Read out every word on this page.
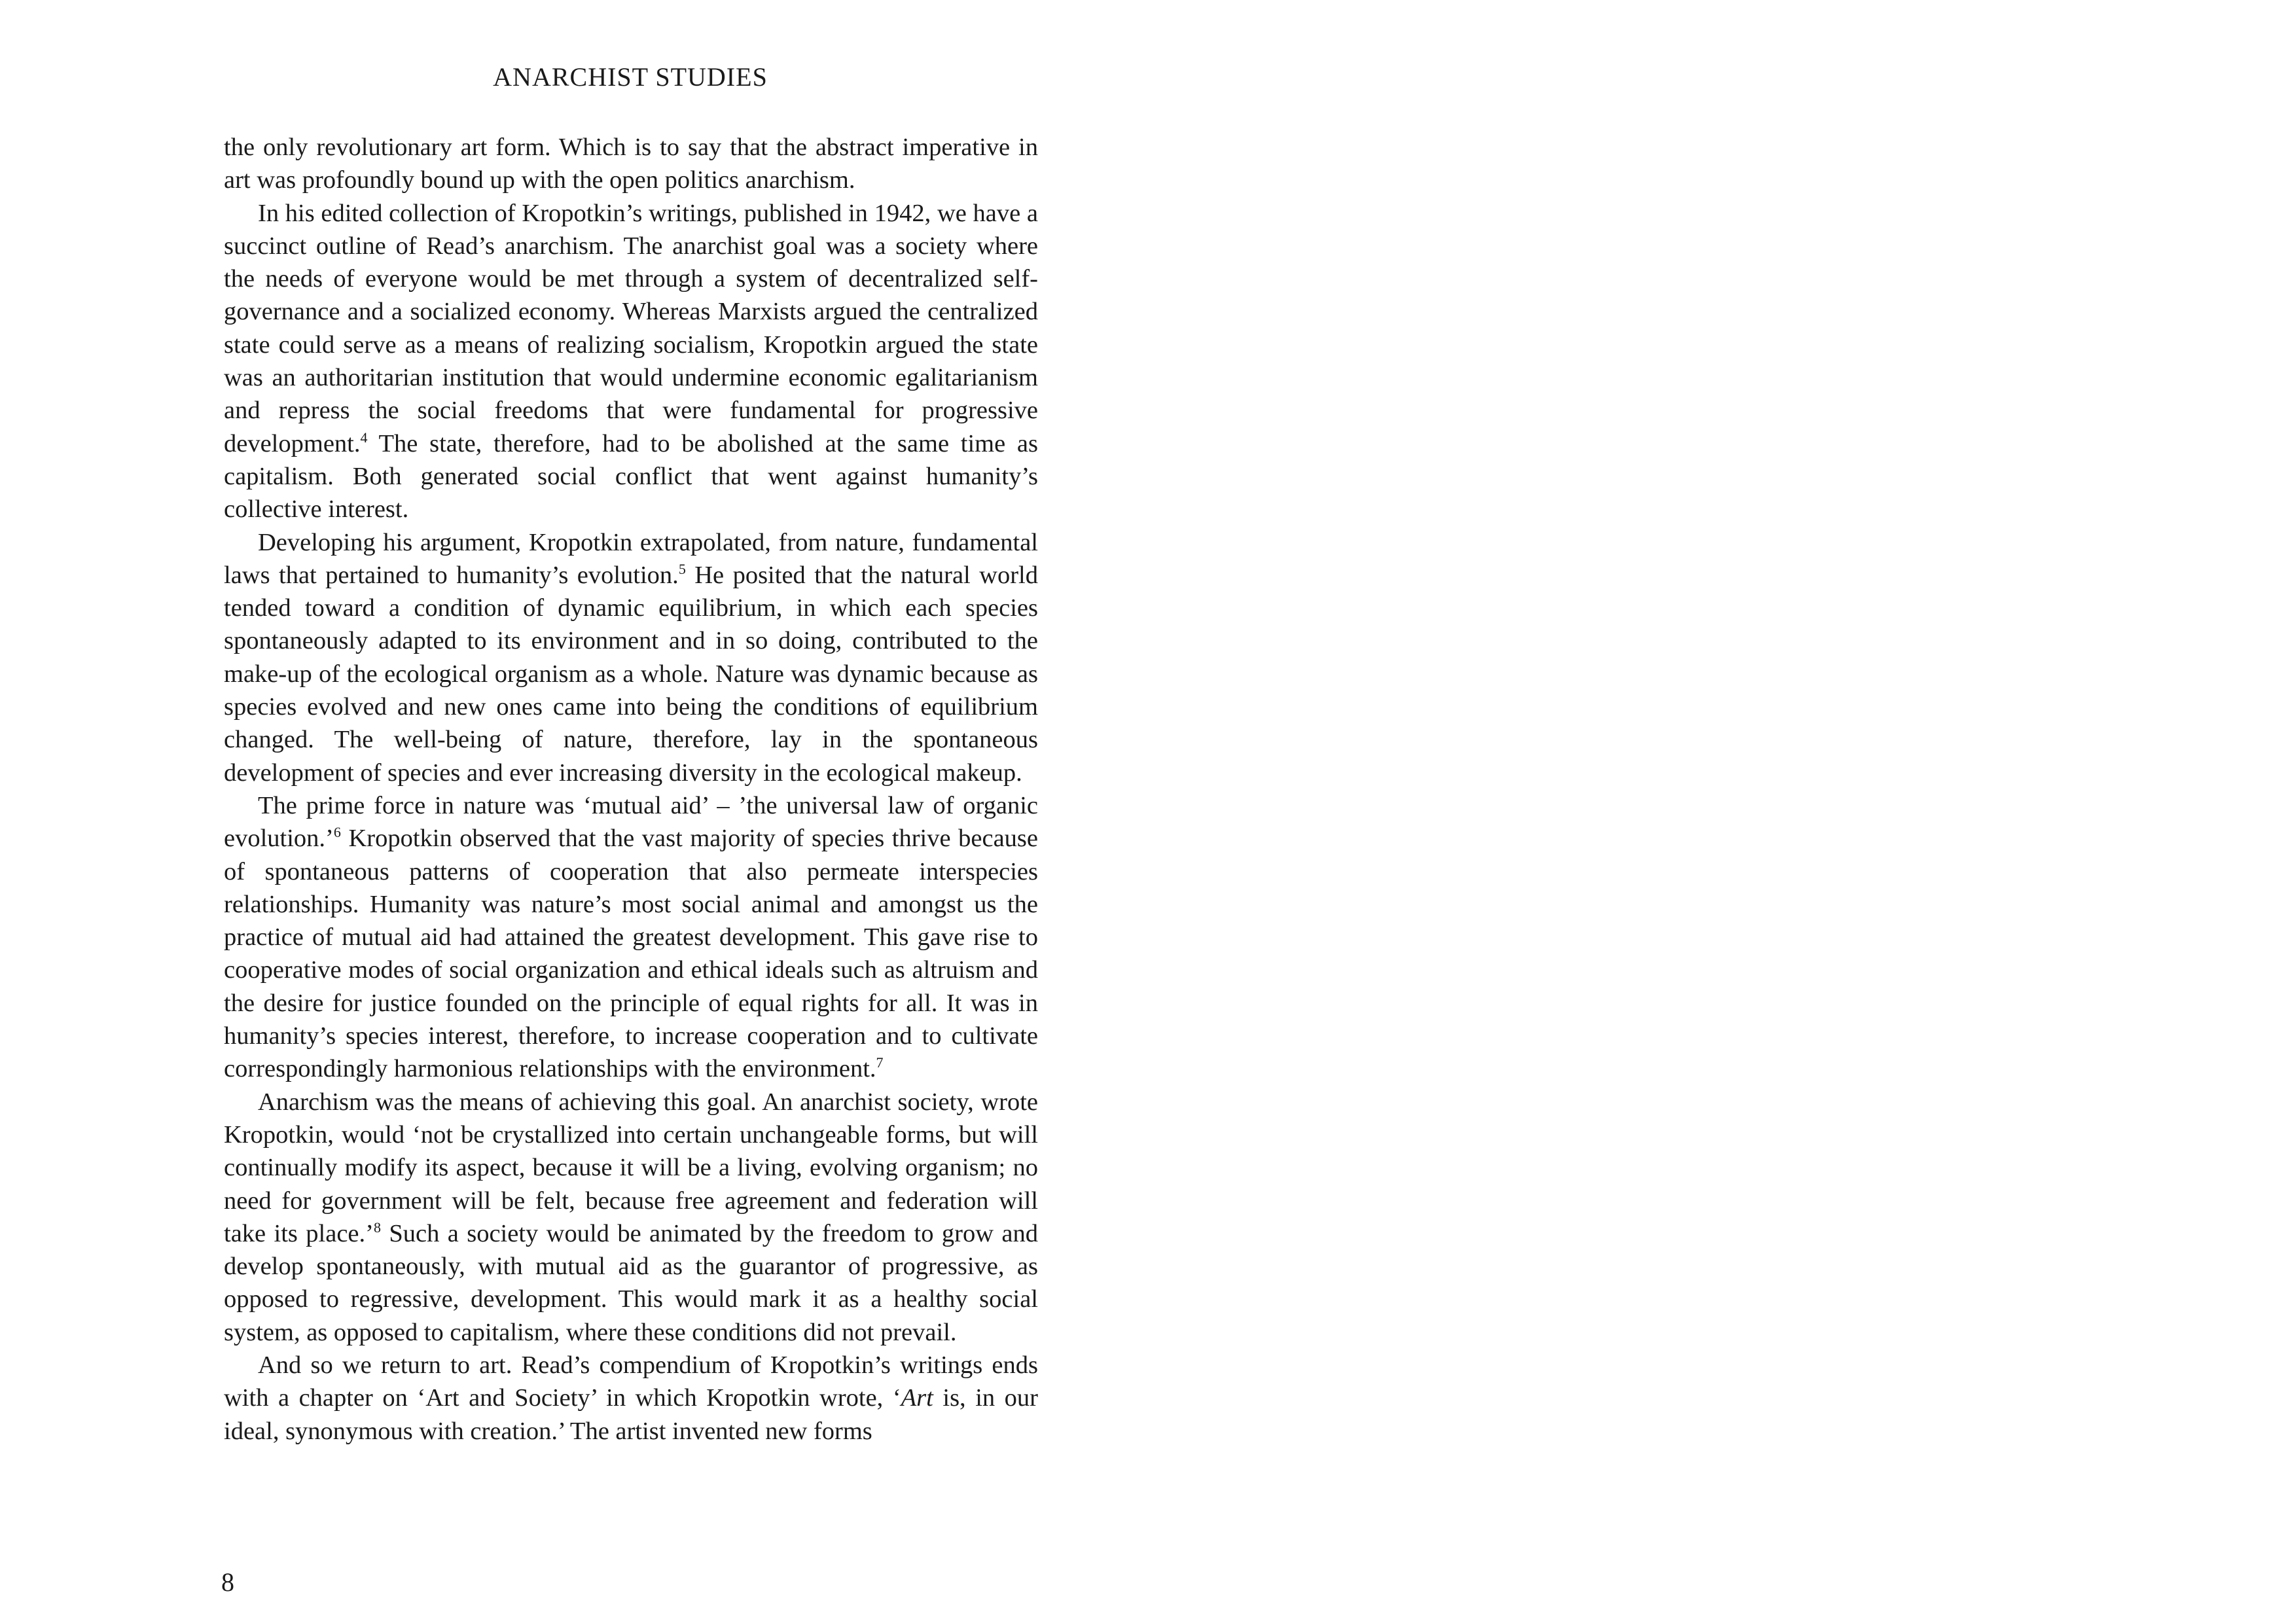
ANARCHIST STUDIES

the only revolutionary art form. Which is to say that the abstract imperative in art was profoundly bound up with the open politics anarchism.

In his edited collection of Kropotkin’s writings, published in 1942, we have a succinct outline of Read’s anarchism. The anarchist goal was a society where the needs of everyone would be met through a system of decentralized self-governance and a socialized economy. Whereas Marxists argued the centralized state could serve as a means of realizing socialism, Kropotkin argued the state was an authoritarian institution that would undermine economic egalitarianism and repress the social freedoms that were fundamental for progressive development.$^4$ The state, therefore, had to be abolished at the same time as capitalism. Both generated social conflict that went against humanity’s collective interest.

Developing his argument, Kropotkin extrapolated, from nature, fundamental laws that pertained to humanity’s evolution.$^5$ He posited that the natural world tended toward a condition of dynamic equilibrium, in which each species spontaneously adapted to its environment and in so doing, contributed to the make-up of the ecological organism as a whole. Nature was dynamic because as species evolved and new ones came into being the conditions of equilibrium changed. The well-being of nature, therefore, lay in the spontaneous development of species and ever increasing diversity in the ecological makeup.

The prime force in nature was ‘mutual aid’ – ’the universal law of organic evolution.’$^6$ Kropotkin observed that the vast majority of species thrive because of spontaneous patterns of cooperation that also permeate interspecies relationships. Humanity was nature’s most social animal and amongst us the practice of mutual aid had attained the greatest development. This gave rise to cooperative modes of social organization and ethical ideals such as altruism and the desire for justice founded on the principle of equal rights for all. It was in humanity’s species interest, therefore, to increase cooperation and to cultivate correspondingly harmonious relationships with the environment.$^7$

Anarchism was the means of achieving this goal. An anarchist society, wrote Kropotkin, would ‘not be crystallized into certain unchangeable forms, but will continually modify its aspect, because it will be a living, evolving organism; no need for government will be felt, because free agreement and federation will take its place.’$^8$ Such a society would be animated by the freedom to grow and develop spontaneously, with mutual aid as the guarantor of progressive, as opposed to regressive, development. This would mark it as a healthy social system, as opposed to capitalism, where these conditions did not prevail.

And so we return to art. Read’s compendium of Kropotkin’s writings ends with a chapter on ‘Art and Society’ in which Kropotkin wrote, ‘Art is, in our ideal, synonymous with creation.’ The artist invented new forms

8
